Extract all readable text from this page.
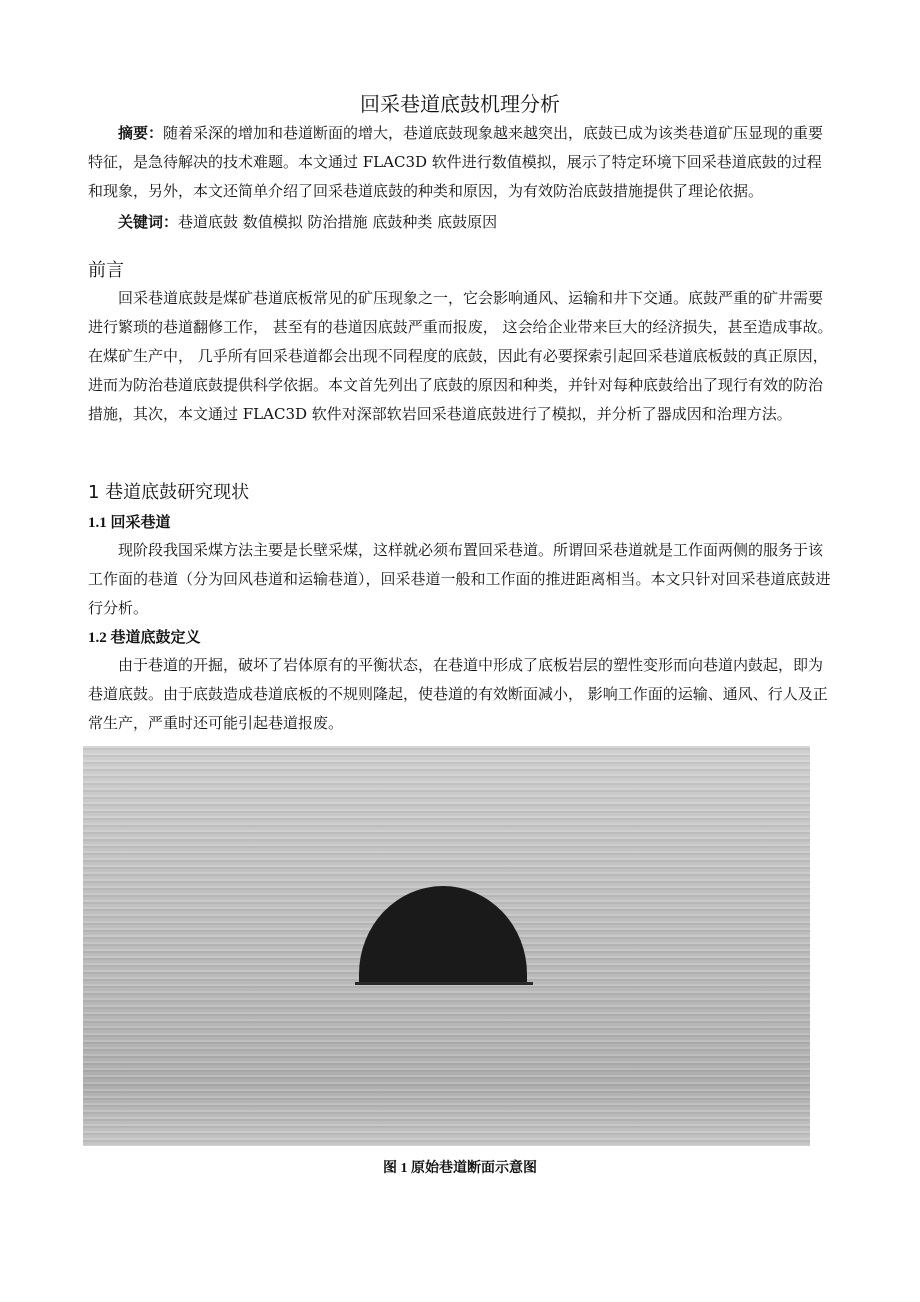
回采巷道底鼓机理分析

摘要：随着采深的增加和巷道断面的增大，巷道底鼓现象越来越突出，底鼓已成为该类巷道矿压显现的重要特征，是急待解决的技术难题。本文通过 FLAC3D 软件进行数值模拟，展示了特定环境下回采巷道底鼓的过程和现象，另外，本文还简单介绍了回采巷道底鼓的种类和原因，为有效防治底鼓措施提供了理论依据。

关键词：巷道底鼓 数值模拟 防治措施 底鼓种类 底鼓原因

前言

回采巷道底鼓是煤矿巷道底板常见的矿压现象之一，它会影响通风、运输和井下交通。底鼓严重的矿井需要进行繁琐的巷道翻修工作， 甚至有的巷道因底鼓严重而报废， 这会给企业带来巨大的经济损失，甚至造成事故。在煤矿生产中， 几乎所有回采巷道都会出现不同程度的底鼓，因此有必要探索引起回采巷道底板鼓的真正原因， 进而为防治巷道底鼓提供科学依据。本文首先列出了底鼓的原因和种类，并针对每种底鼓给出了现行有效的防治措施，其次，本文通过 FLAC3D 软件对深部软岩回采巷道底鼓进行了模拟，并分析了器成因和治理方法。

1 巷道底鼓研究现状

1.1 回采巷道

现阶段我国采煤方法主要是长壁采煤，这样就必须布置回采巷道。所谓回采巷道就是工作面两侧的服务于该工作面的巷道（分为回风巷道和运输巷道），回采巷道一般和工作面的推进距离相当。本文只针对回采巷道底鼓进行分析。

1.2 巷道底鼓定义

由于巷道的开掘，破坏了岩体原有的平衡状态，在巷道中形成了底板岩层的塑性变形而向巷道内鼓起，即为巷道底鼓。由于底鼓造成巷道底板的不规则隆起，使巷道的有效断面减小， 影响工作面的运输、通风、行人及正常生产，严重时还可能引起巷道报废。

图 1 原始巷道断面示意图
